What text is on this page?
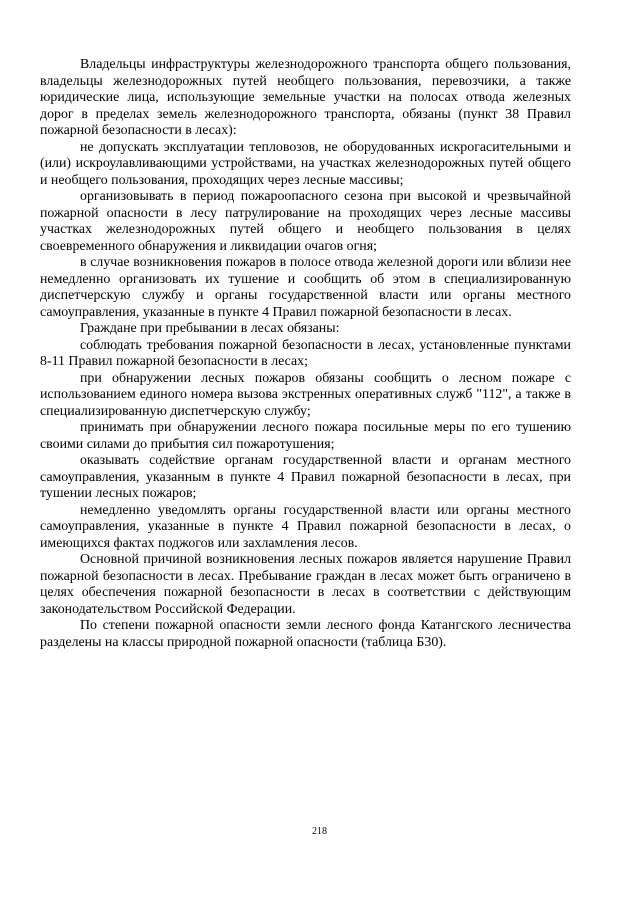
Владельцы инфраструктуры железнодорожного транспорта общего пользования, владельцы железнодорожных путей необщего пользования, перевозчики, а также юридические лица, использующие земельные участки на полосах отвода железных дорог в пределах земель железнодорожного транспорта, обязаны (пункт 38 Правил пожарной безопасности в лесах):

не допускать эксплуатации тепловозов, не оборудованных искрогасительными и (или) искроулавливающими устройствами, на участках железнодорожных путей общего и необщего пользования, проходящих через лесные массивы;

организовывать в период пожароопасного сезона при высокой и чрезвычайной пожарной опасности в лесу патрулирование на проходящих через лесные массивы участках железнодорожных путей общего и необщего пользования в целях своевременного обнаружения и ликвидации очагов огня;

в случае возникновения пожаров в полосе отвода железной дороги или вблизи нее немедленно организовать их тушение и сообщить об этом в специализированную диспетчерскую службу и органы государственной власти или органы местного самоуправления, указанные в пункте 4 Правил пожарной безопасности в лесах.

Граждане при пребывании в лесах обязаны:

соблюдать требования пожарной безопасности в лесах, установленные пунктами 8-11 Правил пожарной безопасности в лесах;

при обнаружении лесных пожаров обязаны сообщить о лесном пожаре с использованием единого номера вызова экстренных оперативных служб "112", а также в специализированную диспетчерскую службу;

принимать при обнаружении лесного пожара посильные меры по его тушению своими силами до прибытия сил пожаротушения;

оказывать содействие органам государственной власти и органам местного самоуправления, указанным в пункте 4 Правил пожарной безопасности в лесах, при тушении лесных пожаров;

немедленно уведомлять органы государственной власти или органы местного самоуправления, указанные в пункте 4 Правил пожарной безопасности в лесах, о имеющихся фактах поджогов или захламления лесов.

Основной причиной возникновения лесных пожаров является нарушение Правил пожарной безопасности в лесах. Пребывание граждан в лесах может быть ограничено в целях обеспечения пожарной безопасности в лесах в соответствии с действующим законодательством Российской Федерации.

По степени пожарной опасности земли лесного фонда Катангского лесничества разделены на классы природной пожарной опасности (таблица Б30).

218
